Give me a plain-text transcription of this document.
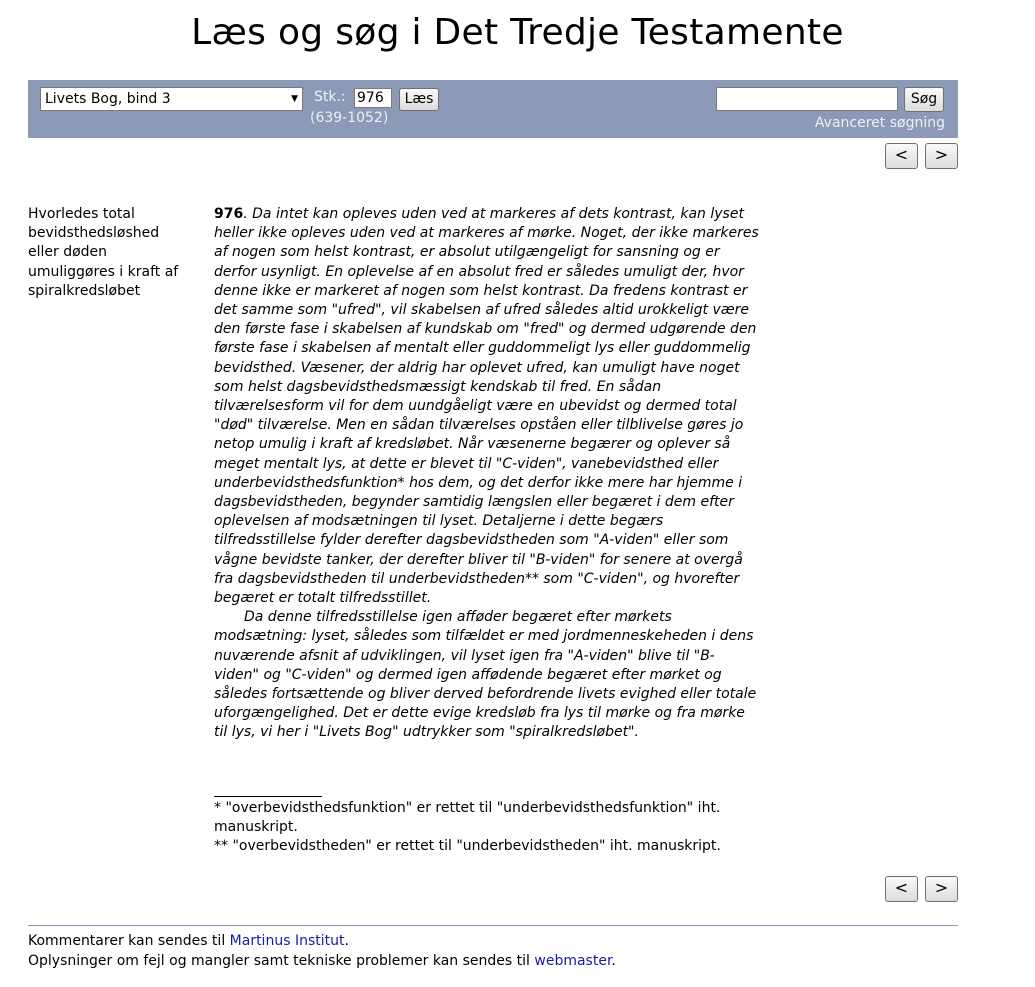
Læs og søg i Det Tredje Testamente
Livets Bog, bind 3	▼ Stk.: 976	Læs
(639-1052)
Søg
Avanceret søgning
<	>
Hvorledes total bevidsthedsløshed eller døden umuliggøres i kraft af spiralkredsløbet

976. Da intet kan opleves uden ved at markeres af dets kontrast, kan lyset heller ikke opleves uden ved at markeres af mørke. Noget, der ikke markeres af nogen som helst kontrast, er absolut utilgængeligt for sansning og er derfor usynligt. En oplevelse af en absolut fred er således umuligt der, hvor denne ikke er markeret af nogen som helst kontrast. Da fredens kontrast er det samme som "ufred", vil skabelsen af ufred således altid urokkeligt være den første fase i skabelsen af kundskab om "fred" og dermed udgørende den første fase i skabelsen af mentalt eller guddommeligt lys eller guddommelig bevidsthed. Væsener, der aldrig har oplevet ufred, kan umuligt have noget som helst dagsbevidsthedsmæssigt kendskab til fred. En sådan tilværelsesform vil for dem uundgåeligt være en ubevidst og dermed total "død" tilværelse. Men en sådan tilværelses opståen eller tilblivelse gøres jo netop umulig i kraft af kredsløbet. Når væsenerne begærer og oplever så meget mentalt lys, at dette er blevet til "C-viden", vanebevidsthed eller underbevidsthedsfunktion* hos dem, og det derfor ikke mere har hjemme i dagsbevidstheden, begynder samtidig længslen eller begæret i dem efter oplevelsen af modsætningen til lyset. Detaljerne i dette begærs tilfredsstillelse fylder derefter dagsbevidstheden som "A-viden" eller som vågne bevidste tanker, der derefter bliver til "B-viden" for senere at overgå fra dagsbevidstheden til underbevidstheden** som "C-viden", og hvorefter begæret er totalt tilfredsstillet.

Da denne tilfredsstillelse igen afføder begæret efter mørkets modsætning: lyset, således som tilfældet er med jordmenneskeheden i dens nuværende afsnit af udviklingen, vil lyset igen fra "A-viden" blive til "B-viden" og "C-viden" og dermed igen affødende begæret efter mørket og således fortsættende og bliver derved befordrende livets evighed eller totale uforgængelighed. Det er dette evige kredsløb fra lys til mørke og fra mørke til lys, vi her i "Livets Bog" udtrykker som "spiralkredsløbet".

* "overbevidsthedsfunktion" er rettet til "underbevidsthedsfunktion" iht. manuskript.

** "overbevidstheden" er rettet til "underbevidstheden" iht. manuskript.

<	>
Kommentarer kan sendes til Martinus Institut.
Oplysninger om fejl og mangler samt tekniske problemer kan sendes til webmaster.
